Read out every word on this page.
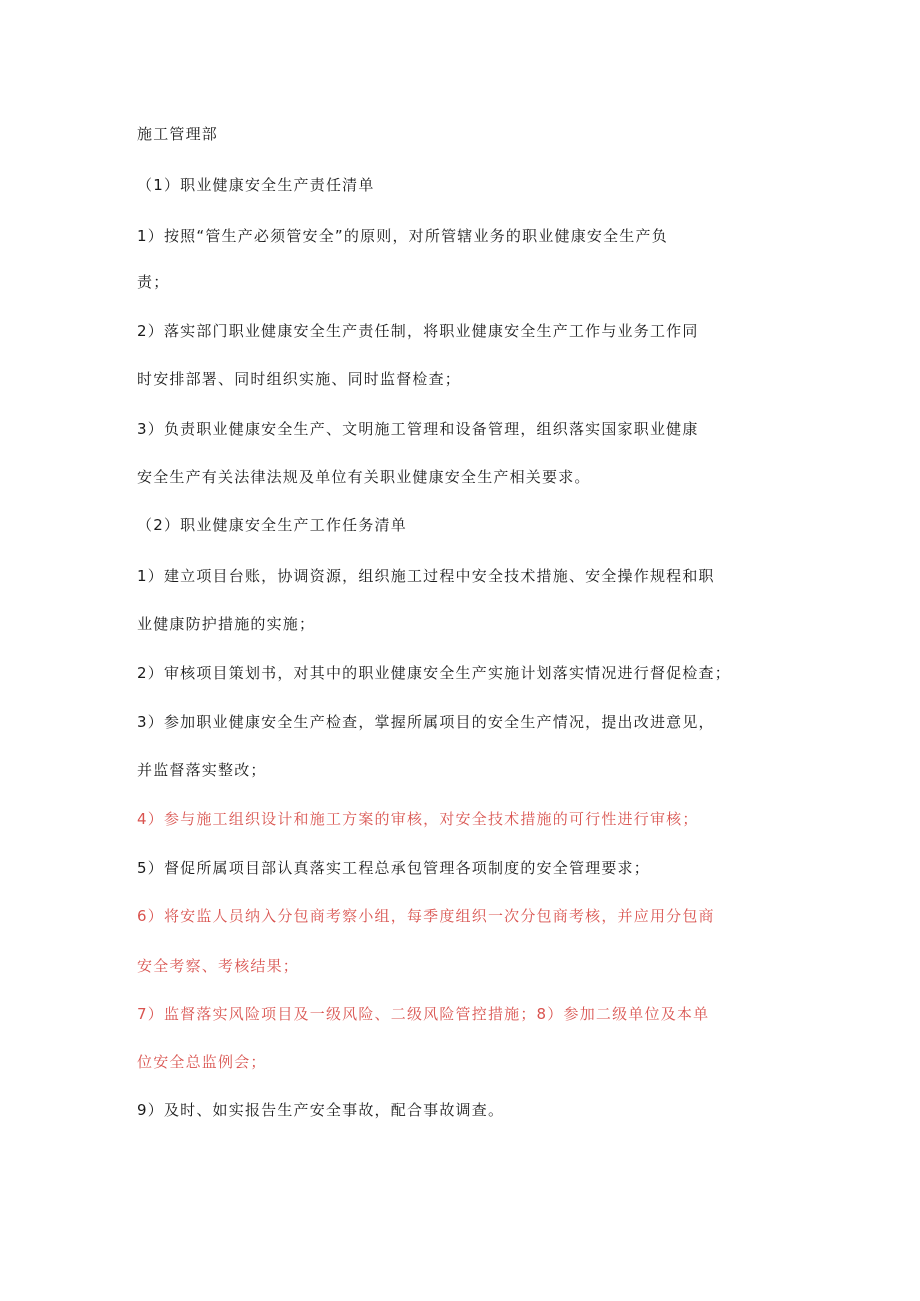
施工管理部
（1）职业健康安全生产责任清单
1）按照“管生产必须管安全”的原则，对所管辖业务的职业健康安全生产负
责；
2）落实部门职业健康安全生产责任制，将职业健康安全生产工作与业务工作同
时安排部署、同时组织实施、同时监督检查；
3）负责职业健康安全生产、文明施工管理和设备管理，组织落实国家职业健康
安全生产有关法律法规及单位有关职业健康安全生产相关要求。
（2）职业健康安全生产工作任务清单
1）建立项目台账，协调资源，组织施工过程中安全技术措施、安全操作规程和职
业健康防护措施的实施；
2）审核项目策划书，对其中的职业健康安全生产实施计划落实情况进行督促检查；
3）参加职业健康安全生产检查，掌握所属项目的安全生产情况，提出改进意见，
并监督落实整改；
4）参与施工组织设计和施工方案的审核，对安全技术措施的可行性进行审核；
5）督促所属项目部认真落实工程总承包管理各项制度的安全管理要求；
6）将安监人员纳入分包商考察小组，每季度组织一次分包商考核，并应用分包商
安全考察、考核结果；
7）监督落实风险项目及一级风险、二级风险管控措施；8）参加二级单位及本单
位安全总监例会；
9）及时、如实报告生产安全事故，配合事故调查。
